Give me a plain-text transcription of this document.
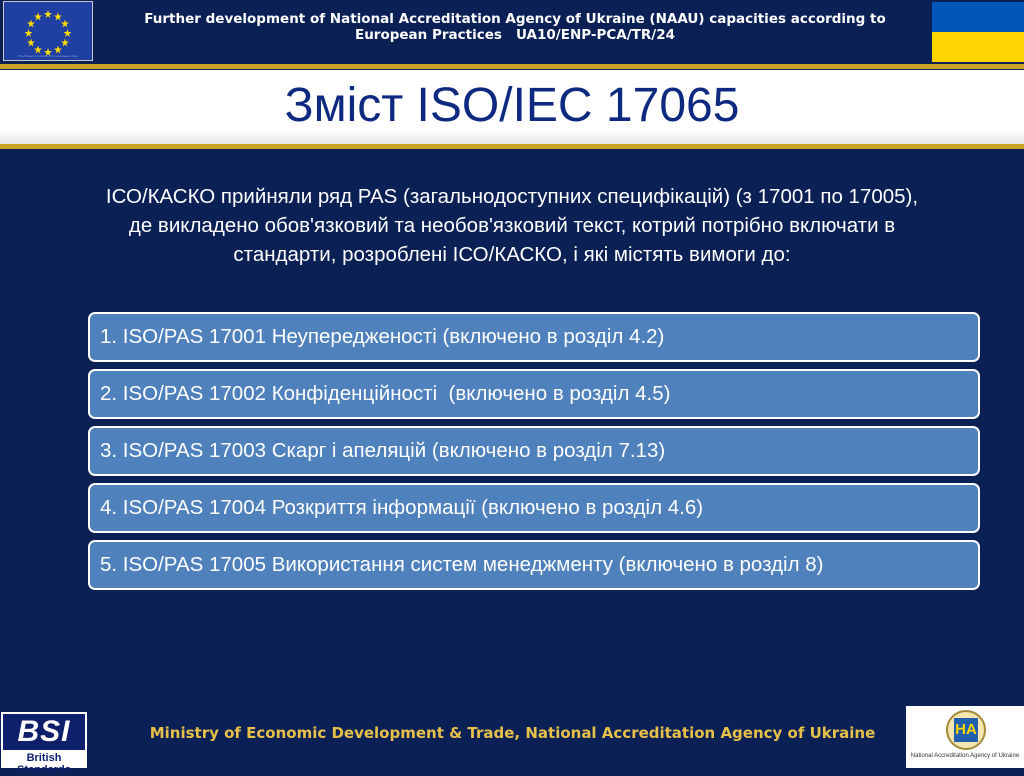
This Project is funded by the European Union
Further development of National Accreditation Agency of Ukraine (NAAU) capacities according to
European Practices   UA10/ENP-PCA/TR/24
Зміст ISO/IEC 17065
ІСО/КАСКО прийняли ряд PAS (загальнодоступних специфікацій) (з 17001 по 17005), де викладено обов'язковий та необов'язковий текст, котрий потрібно включати в стандарти, розроблені ІСО/КАСКО, і які містять вимоги до:
1. ISO/PAS 17001 Неупередженості (включено в розділ 4.2)
2. ISO/PAS 17002 Конфіденційності  (включено в розділ 4.5)
3. ISO/PAS 17003 Скарг і апеляцій (включено в розділ 7.13)
4. ISO/PAS 17004 Розкриття інформації (включено в розділ 4.6)
5. ISO/PAS 17005 Використання систем менеджменту (включено в розділ 8)
BSI
British Standards
Ministry of Economic Development & Trade, National Accreditation Agency of Ukraine	НА
National Accreditation Agency of Ukraine
